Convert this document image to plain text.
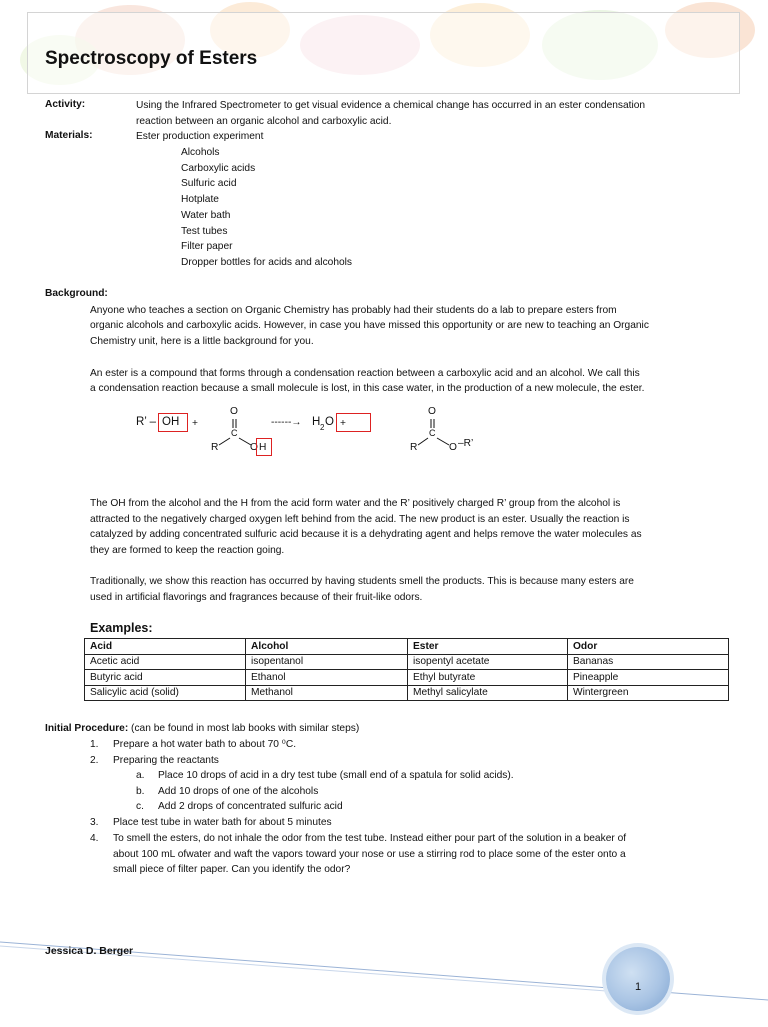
Spectroscopy of Esters
Activity:	Using the Infrared Spectrometer to get visual evidence a chemical change has occurred in an ester condensation
reaction between an organic alcohol and carboxylic acid.
Materials:	Ester production experiment
Alcohols
Carboxylic acids
Sulfuric acid
Hotplate
Water bath
Test tubes
Filter paper
Dropper bottles for acids and alcohols
Background:
Anyone who teaches a section on Organic Chemistry has probably had their students do a lab to prepare esters from
organic alcohols and carboxylic acids. However, in case you have missed this opportunity or are new to teaching an Organic
Chemistry unit, here is a little background for you.
An ester is a compound that forms through a condensation reaction between a carboxylic acid and an alcohol. We call this
a condensation reaction because a small molecule is lost, in this case water, in the production of a new molecule, the ester.
R’ – OH +
O
C
R	O H
------→ H 2 O +
O
C
R	O –R’
The OH from the alcohol and the H from the acid form water and the R’ positively charged R’ group from the alcohol is
attracted to the negatively charged oxygen left behind from the acid. The new product is an ester. Usually the reaction is
catalyzed by adding concentrated sulfuric acid because it is a dehydrating agent and helps remove the water molecules as
they are formed to keep the reaction going.
Traditionally, we show this reaction has occurred by having students smell the products. This is because many esters are
used in artificial flavorings and fragrances because of their fruit-like odors.
Examples:
Acid	Alcohol	Ester	Odor
Acetic acid	isopentanol	isopentyl acetate	Bananas
Butyric acid	Ethanol	Ethyl butyrate	Pineapple
Salicylic acid (solid)	Methanol	Methyl salicylate	Wintergreen
Initial Procedure: (can be found in most lab books with similar steps)
1. Prepare a hot water bath to about 70 ⁰C.
2. Preparing the reactants
a. Place 10 drops of acid in a dry test tube (small end of a spatula for solid acids).
b. Add 10 drops of one of the alcohols
c. Add 2 drops of concentrated sulfuric acid
3. Place test tube in water bath for about 5 minutes
4. To smell the esters, do not inhale the odor from the test tube. Instead either pour part of the solution in a beaker of
about 100 mL ofwater and waft the vapors toward your nose or use a stirring rod to place some of the ester onto a
small piece of filter paper. Can you identify the odor?
Jessica D. Berger
1
